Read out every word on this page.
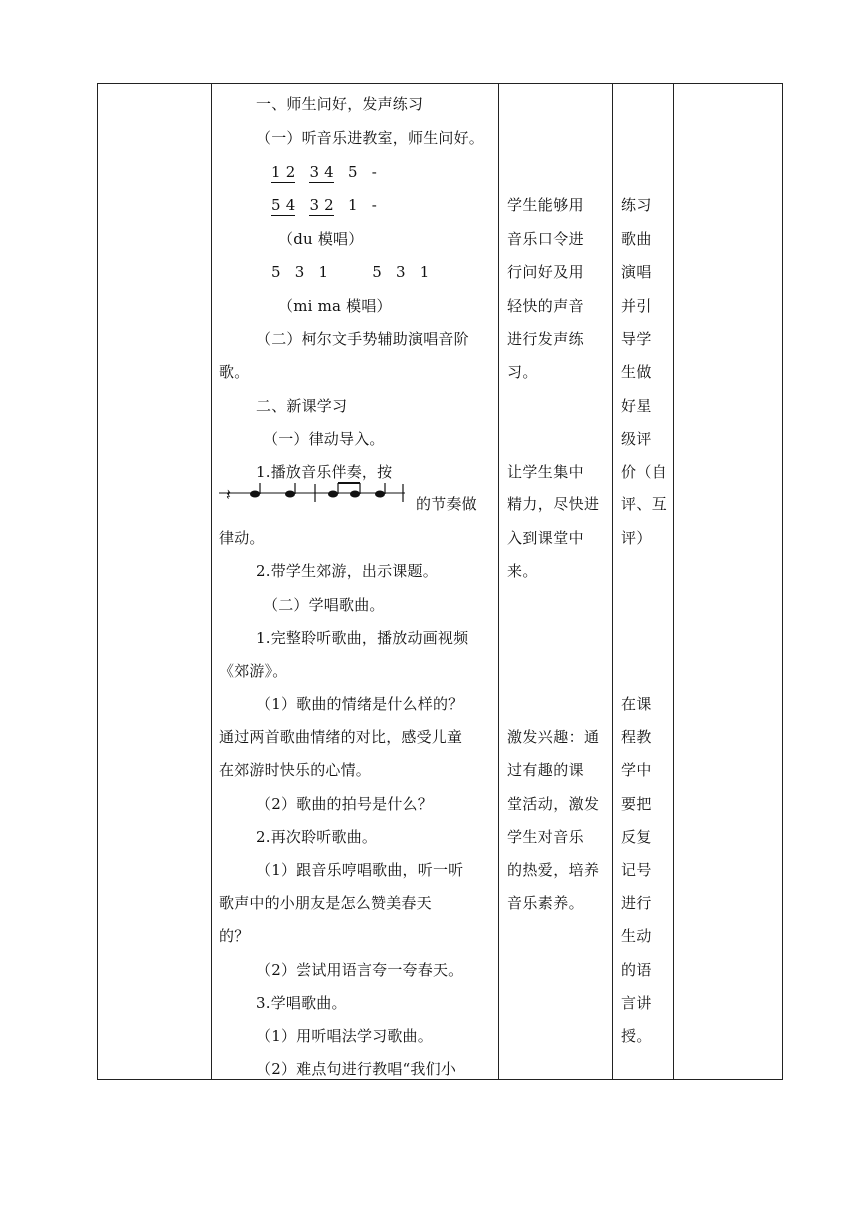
一、师生问好，发声练习
（一）听音乐进教室，师生问好。
1 2 3 4 5 -
5 4 3 2 1 -
（du 模唱）
5 3 1	5 3 1
（mi ma 模唱）
（二）柯尔文手势辅助演唱音阶
歌。
二、新课学习
（一）律动导入。
1.播放音乐伴奏，按
𝄽	的节奏做
律动。
2.带学生郊游，出示课题。
（二）学唱歌曲。
1.完整聆听歌曲，播放动画视频
《郊游》。
（1）歌曲的情绪是什么样的？
通过两首歌曲情绪的对比，感受儿童
在郊游时快乐的心情。
（2）歌曲的拍号是什么？
2.再次聆听歌曲。
（1）跟音乐哼唱歌曲，听一听
歌声中的小朋友是怎么赞美春天
的？
（2）尝试用语言夸一夸春天。
3.学唱歌曲。
（1）用听唱法学习歌曲。
（2）难点句进行教唱“我们小
学生能够用
音乐口令进
行问好及用
轻快的声音
进行发声练
习。
让学生集中
精力，尽快进
入到课堂中
来。
激发兴趣：通
过有趣的课
堂活动，激发
学生对音乐
的热爱，培养
音乐素养。
练习
歌曲
演唱
并引
导学
生做
好星
级评
价（自
评、互
评）
在课
程教
学中
要把
反复
记号
进行
生动
的语
言讲
授。
